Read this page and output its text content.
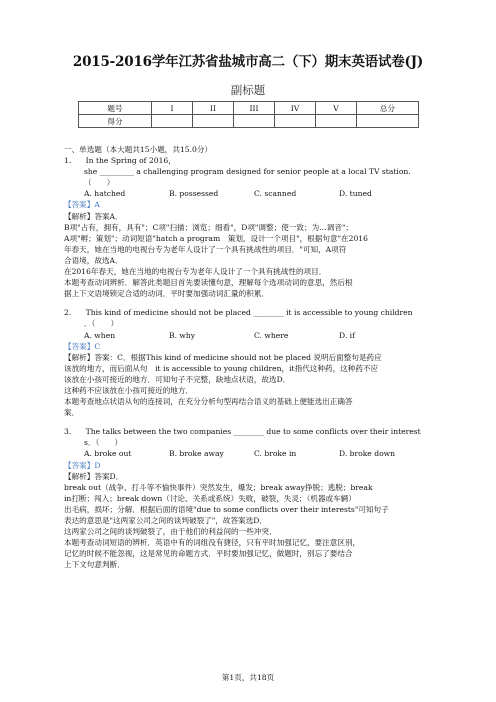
2015-2016学年江苏省盐城市高二（下）期末英语试卷(J)
副标题
题号	I	II	III	IV	V	总分
得分						
一、单选题（本大题共15小题，共15.0分）
1. In the Spring of 2016，
she _________ a challenging program designed for senior people at a local TV station.
（　　）
A. hatched	B. possessed	C. scanned	D. tuned
【答案】A
【解析】答案A．
B项"占有，拥有，具有"；C项"扫描；浏览；细看"，D项"调整；使一致；为…调音"；
A项"孵；策划"；动词短语"hatch a program　策划，设计一个项目"，根据句意"在2016
年春天，她在当地的电视台专为老年人设计了一个具有挑战性的项目．"可知，A项符
合语境，故选A．
在2016年春天，她在当地的电视台专为老年人设计了一个具有挑战性的项目．
本题考查动词辨析．解答此类题目首先要读懂句意，理解每个选项动词的意思，然后根
据上下文语境锁定合适的动词．平时要加强动词汇量的积累．
2. This kind of medicine should not be placed ________ it is accessible to young children
．（　　）
A. when	B. why	C. where	D. if
【答案】C
【解析】答案：C．根据This kind of medicine should not be placed 说明后面整句是药应
该放的地方，而后面从句　it is accessible to young children，it指代这种药，这种药不应
该放在小孩可接近的地方．可知句子不完整，缺地点状语，故选D．
这种药不应该放在小孩可接近的地方．
本题考查地点状语从句的连接词，在充分分析句型再结合语义的基础上便能选出正确答
案．
3. The talks between the two companies ________ due to some conflicts over their interest
s．（　　）
A. broke out	B. broke away	C. broke in	D. broke down
【答案】D
【解析】答案D．
break out（战争、打斗等不愉快事件）突然发生，爆发；break away挣脱；逃脱；break
in打断；闯入；break down（讨论、关系或系统）失败，破裂，失灵；（机器或车辆）
出毛病，损坏；分解．根据后面的语境"due to some conflicts over their interests"可知句子
表达的意思是"这两家公司之间的谈判破裂了"，故答案选D．
这两家公司之间的谈判破裂了，由于他们的利益间的一些冲突．
本题考查动词短语的辨析．英语中有的词组没有捷径，只有平时加强记忆，要注意区别，
记忆的时候不能忽视，这是常见的命题方式．平时要加强记忆，做题时，别忘了要结合
上下文句意判断．
第1页，共18页
